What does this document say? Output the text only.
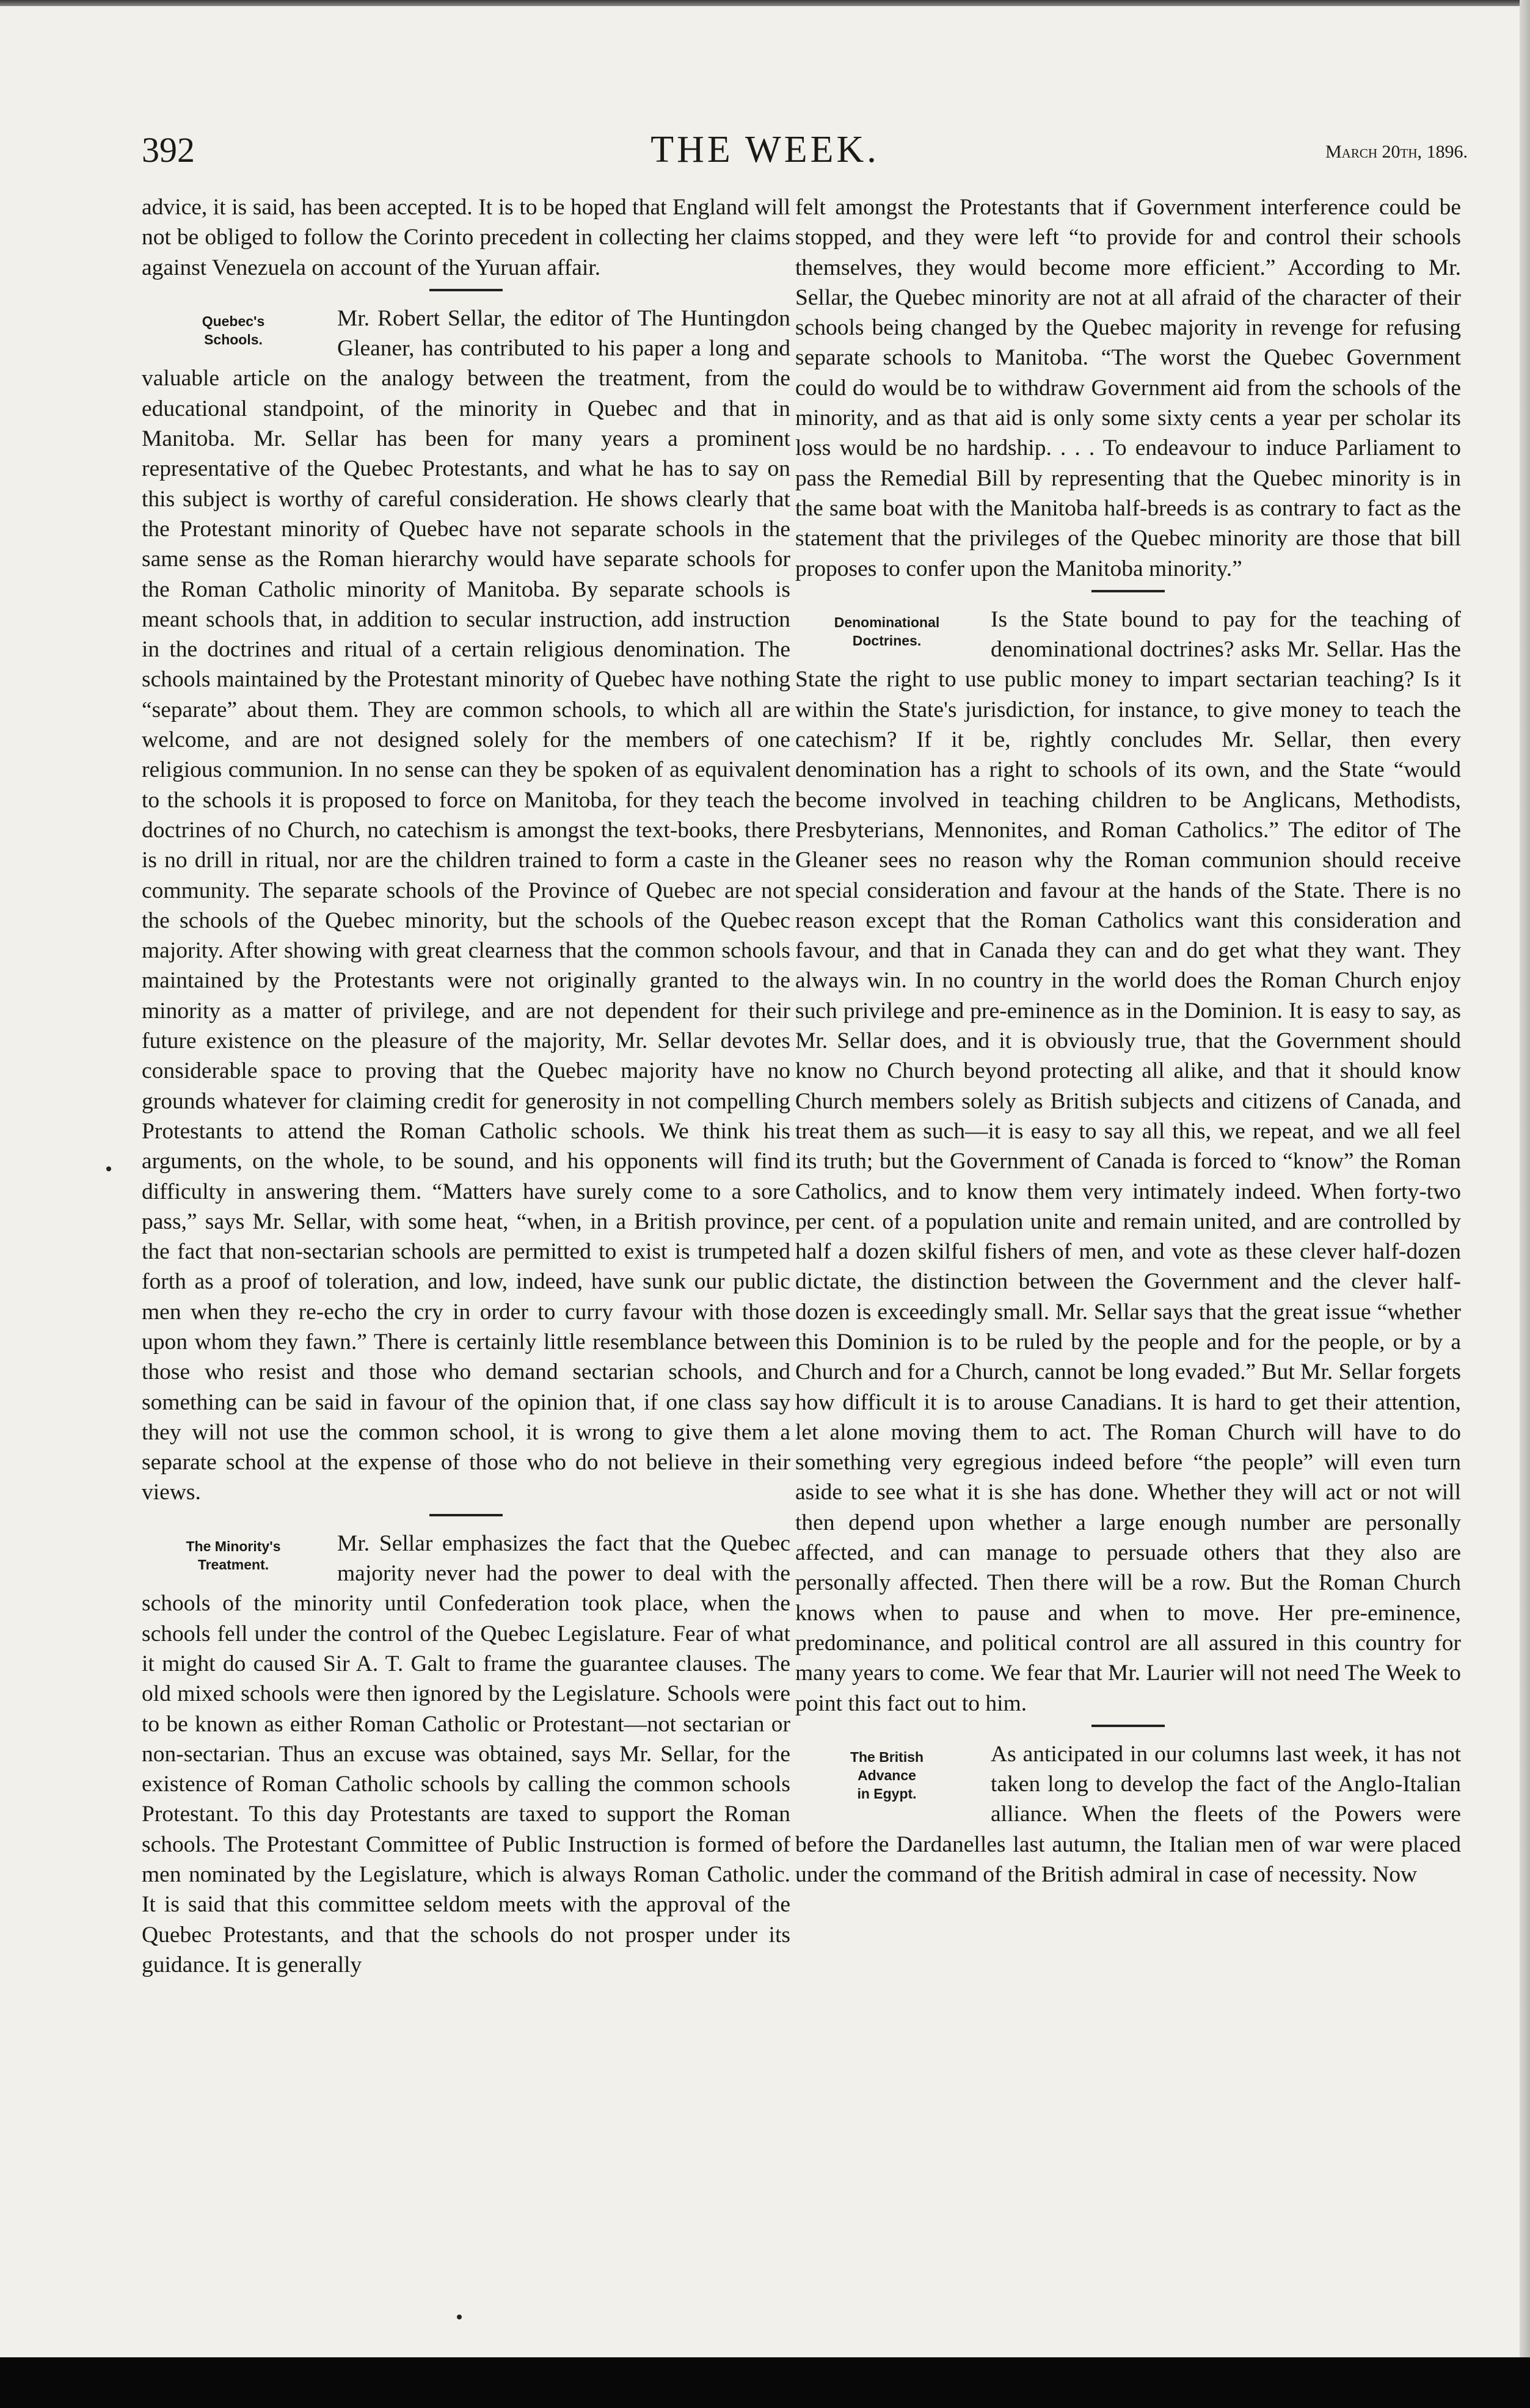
392	THE WEEK.	March 20th, 1896.

advice, it is said, has been accepted. It is to be hoped that England will not be obliged to follow the Corinto precedent in collecting her claims against Venezuela on account of the Yuruan affair.

Quebec's
Schools.

Mr. Robert Sellar, the editor of The Huntingdon Gleaner, has contributed to his paper a long and valuable article on the analogy between the treatment, from the educational standpoint, of the minority in Quebec and that in Manitoba. Mr. Sellar has been for many years a prominent representative of the Quebec Protestants, and what he has to say on this subject is worthy of careful consideration. He shows clearly that the Protestant minority of Quebec have not separate schools in the same sense as the Roman hierarchy would have separate schools for the Roman Catholic minority of Manitoba. By separate schools is meant schools that, in addition to secular instruction, add instruction in the doctrines and ritual of a certain religious denomination. The schools maintained by the Protestant minority of Quebec have nothing “separate” about them. They are common schools, to which all are welcome, and are not designed solely for the members of one religious communion. In no sense can they be spoken of as equivalent to the schools it is proposed to force on Manitoba, for they teach the doctrines of no Church, no catechism is amongst the text-books, there is no drill in ritual, nor are the children trained to form a caste in the community. The separate schools of the Province of Quebec are not the schools of the Quebec minority, but the schools of the Quebec majority. After showing with great clearness that the common schools maintained by the Protestants were not originally granted to the minority as a matter of privilege, and are not dependent for their future existence on the pleasure of the majority, Mr. Sellar devotes considerable space to proving that the Quebec majority have no grounds whatever for claiming credit for generosity in not compelling Protestants to attend the Roman Catholic schools. We think his arguments, on the whole, to be sound, and his opponents will find difficulty in answering them. “Matters have surely come to a sore pass,” says Mr. Sellar, with some heat, “when, in a British province, the fact that non-sectarian schools are permitted to exist is trumpeted forth as a proof of toleration, and low, indeed, have sunk our public men when they re-echo the cry in order to curry favour with those upon whom they fawn.” There is certainly little resemblance between those who resist and those who demand sectarian schools, and something can be said in favour of the opinion that, if one class say they will not use the common school, it is wrong to give them a separate school at the expense of those who do not believe in their views.

The Minority's
Treatment.

Mr. Sellar emphasizes the fact that the Quebec majority never had the power to deal with the schools of the minority until Confederation took place, when the schools fell under the control of the Quebec Legislature. Fear of what it might do caused Sir A. T. Galt to frame the guarantee clauses. The old mixed schools were then ignored by the Legislature. Schools were to be known as either Roman Catholic or Protestant—not sectarian or non-sectarian. Thus an excuse was obtained, says Mr. Sellar, for the existence of Roman Catholic schools by calling the common schools Protestant. To this day Protestants are taxed to support the Roman schools. The Protestant Committee of Public Instruction is formed of men nominated by the Legislature, which is always Roman Catholic. It is said that this committee seldom meets with the approval of the Quebec Protestants, and that the schools do not prosper under its guidance. It is generally

felt amongst the Protestants that if Government interference could be stopped, and they were left “to provide for and control their schools themselves, they would become more efficient.” According to Mr. Sellar, the Quebec minority are not at all afraid of the character of their schools being changed by the Quebec majority in revenge for refusing separate schools to Manitoba. “The worst the Quebec Government could do would be to withdraw Government aid from the schools of the minority, and as that aid is only some sixty cents a year per scholar its loss would be no hardship. . . . To endeavour to induce Parliament to pass the Remedial Bill by representing that the Quebec minority is in the same boat with the Manitoba half-breeds is as contrary to fact as the statement that the privileges of the Quebec minority are those that bill proposes to confer upon the Manitoba minority.”

Denominational
Doctrines.

Is the State bound to pay for the teaching of denominational doctrines? asks Mr. Sellar. Has the State the right to use public money to impart sectarian teaching? Is it within the State's jurisdiction, for instance, to give money to teach the catechism? If it be, rightly concludes Mr. Sellar, then every denomination has a right to schools of its own, and the State “would become involved in teaching children to be Anglicans, Methodists, Presbyterians, Mennonites, and Roman Catholics.” The editor of The Gleaner sees no reason why the Roman communion should receive special consideration and favour at the hands of the State. There is no reason except that the Roman Catholics want this consideration and favour, and that in Canada they can and do get what they want. They always win. In no country in the world does the Roman Church enjoy such privilege and pre-eminence as in the Dominion. It is easy to say, as Mr. Sellar does, and it is obviously true, that the Government should know no Church beyond protecting all alike, and that it should know Church members solely as British subjects and citizens of Canada, and treat them as such—it is easy to say all this, we repeat, and we all feel its truth; but the Government of Canada is forced to “know” the Roman Catholics, and to know them very intimately indeed. When forty-two per cent. of a population unite and remain united, and are controlled by half a dozen skilful fishers of men, and vote as these clever half-dozen dictate, the distinction between the Government and the clever half-dozen is exceedingly small. Mr. Sellar says that the great issue “whether this Dominion is to be ruled by the people and for the people, or by a Church and for a Church, cannot be long evaded.” But Mr. Sellar forgets how difficult it is to arouse Canadians. It is hard to get their attention, let alone moving them to act. The Roman Church will have to do something very egregious indeed before “the people” will even turn aside to see what it is she has done. Whether they will act or not will then depend upon whether a large enough number are personally affected, and can manage to persuade others that they also are personally affected. Then there will be a row. But the Roman Church knows when to pause and when to move. Her pre-eminence, predominance, and political control are all assured in this country for many years to come. We fear that Mr. Laurier will not need The Week to point this fact out to him.

The British
Advance
in Egypt.

As anticipated in our columns last week, it has not taken long to develop the fact of the Anglo-Italian alliance. When the fleets of the Powers were before the Dardanelles last autumn, the Italian men of war were placed under the command of the British admiral in case of necessity. Now
